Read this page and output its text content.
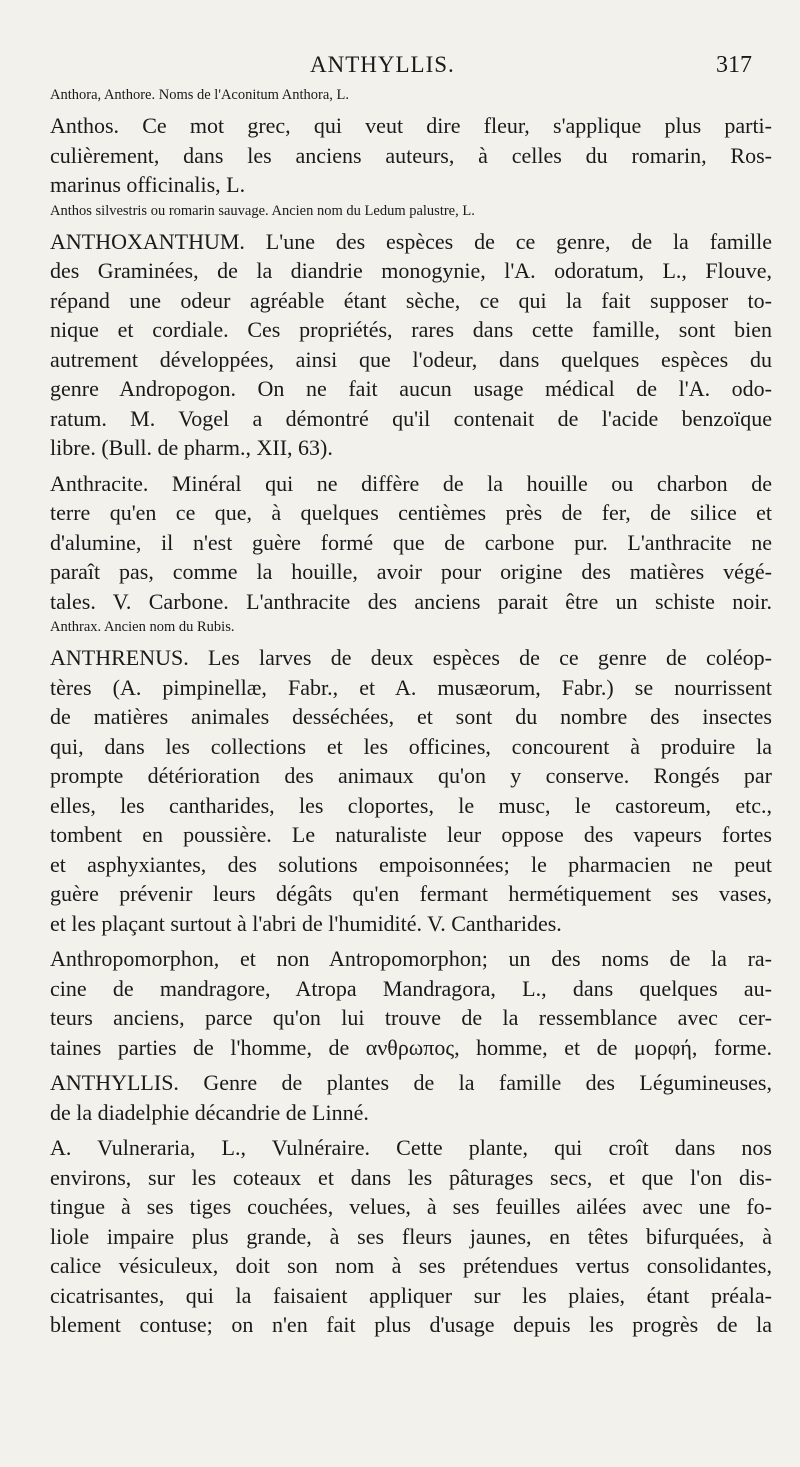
ANTHYLLIS.	317
Anthora, Anthore. Noms de l'Aconitum Anthora, L.
Anthos. Ce mot grec, qui veut dire fleur, s'applique plus parti-
culièrement, dans les anciens auteurs, à celles du romarin, Ros-
marinus officinalis, L.
Anthos silvestris ou romarin sauvage. Ancien nom du Ledum palustre, L.
ANTHOXANTHUM. L'une des espèces de ce genre, de la famille
des Graminées, de la diandrie monogynie, l'A. odoratum, L., Flouve,
répand une odeur agréable étant sèche, ce qui la fait supposer to-
nique et cordiale. Ces propriétés, rares dans cette famille, sont bien
autrement développées, ainsi que l'odeur, dans quelques espèces du
genre Andropogon. On ne fait aucun usage médical de l'A. odo-
ratum. M. Vogel a démontré qu'il contenait de l'acide benzoïque
libre. (Bull. de pharm., XII, 63).
Anthracite. Minéral qui ne diffère de la houille ou charbon de
terre qu'en ce que, à quelques centièmes près de fer, de silice et
d'alumine, il n'est guère formé que de carbone pur. L'anthracite ne
paraît pas, comme la houille, avoir pour origine des matières végé-
tales. V. Carbone. L'anthracite des anciens parait être un schiste noir.
Anthrax. Ancien nom du Rubis.
ANTHRENUS. Les larves de deux espèces de ce genre de coléop-
tères (A. pimpinellæ, Fabr., et A. musæorum, Fabr.) se nourrissent
de matières animales desséchées, et sont du nombre des insectes
qui, dans les collections et les officines, concourent à produire la
prompte détérioration des animaux qu'on y conserve. Rongés par
elles, les cantharides, les cloportes, le musc, le castoreum, etc.,
tombent en poussière. Le naturaliste leur oppose des vapeurs fortes
et asphyxiantes, des solutions empoisonnées; le pharmacien ne peut
guère prévenir leurs dégâts qu'en fermant hermétiquement ses vases,
et les plaçant surtout à l'abri de l'humidité. V. Cantharides.
Anthropomorphon, et non Antropomorphon; un des noms de la ra-
cine de mandragore, Atropa Mandragora, L., dans quelques au-
teurs anciens, parce qu'on lui trouve de la ressemblance avec cer-
taines parties de l'homme, de ανθρωπος, homme, et de μορφή, forme.
ANTHYLLIS. Genre de plantes de la famille des Légumineuses,
de la diadelphie décandrie de Linné.
A. Vulneraria, L., Vulnéraire. Cette plante, qui croît dans nos
environs, sur les coteaux et dans les pâturages secs, et que l'on dis-
tingue à ses tiges couchées, velues, à ses feuilles ailées avec une fo-
liole impaire plus grande, à ses fleurs jaunes, en têtes bifurquées, à
calice vésiculeux, doit son nom à ses prétendues vertus consolidantes,
cicatrisantes, qui la faisaient appliquer sur les plaies, étant préala-
blement contuse; on n'en fait plus d'usage depuis les progrès de la
